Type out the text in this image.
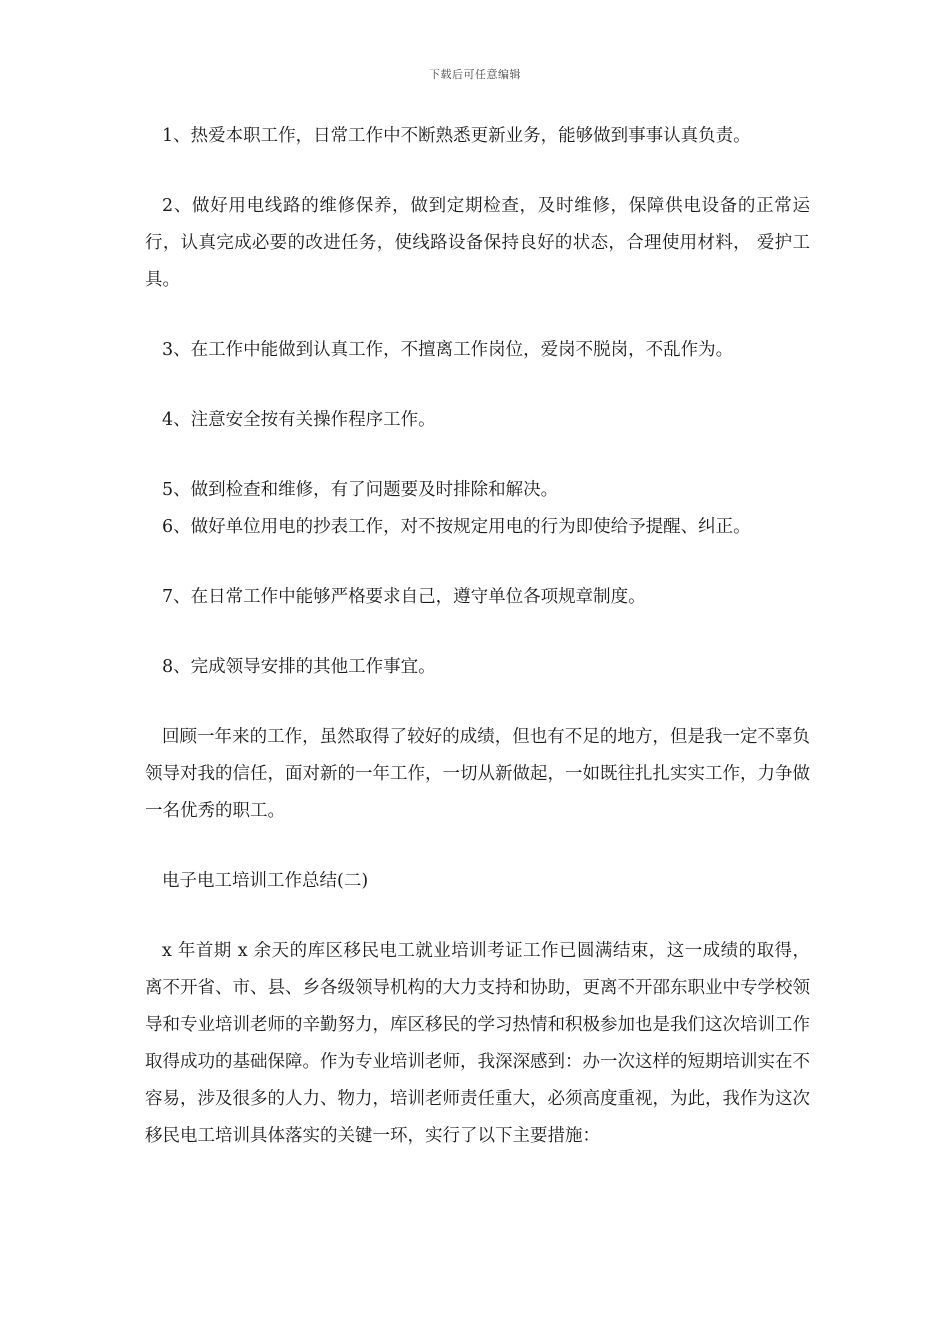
下载后可任意编辑

1、热爱本职工作，日常工作中不断熟悉更新业务，能够做到事事认真负责。

2、做好用电线路的维修保养，做到定期检查，及时维修，保障供电设备的正常运行，认真完成必要的改进任务，使线路设备保持良好的状态，合理使用材料， 爱护工具。

3、在工作中能做到认真工作，不擅离工作岗位，爱岗不脱岗，不乱作为。

4、注意安全按有关操作程序工作。

5、做到检查和维修，有了问题要及时排除和解决。

6、做好单位用电的抄表工作，对不按规定用电的行为即使给予提醒、纠正。

7、在日常工作中能够严格要求自己，遵守单位各项规章制度。

8、完成领导安排的其他工作事宜。

回顾一年来的工作，虽然取得了较好的成绩，但也有不足的地方，但是我一定不辜负领导对我的信任，面对新的一年工作，一切从新做起，一如既往扎扎实实工作，力争做一名优秀的职工。

电子电工培训工作总结(二)

x 年首期 x 余天的库区移民电工就业培训考证工作已圆满结束，这一成绩的取得，离不开省、市、县、乡各级领导机构的大力支持和协助，更离不开邵东职业中专学校领导和专业培训老师的辛勤努力，库区移民的学习热情和积极参加也是我们这次培训工作取得成功的基础保障。作为专业培训老师，我深深感到：办一次这样的短期培训实在不容易，涉及很多的人力、物力，培训老师责任重大，必须高度重视，为此，我作为这次移民电工培训具体落实的关键一环，实行了以下主要措施：
